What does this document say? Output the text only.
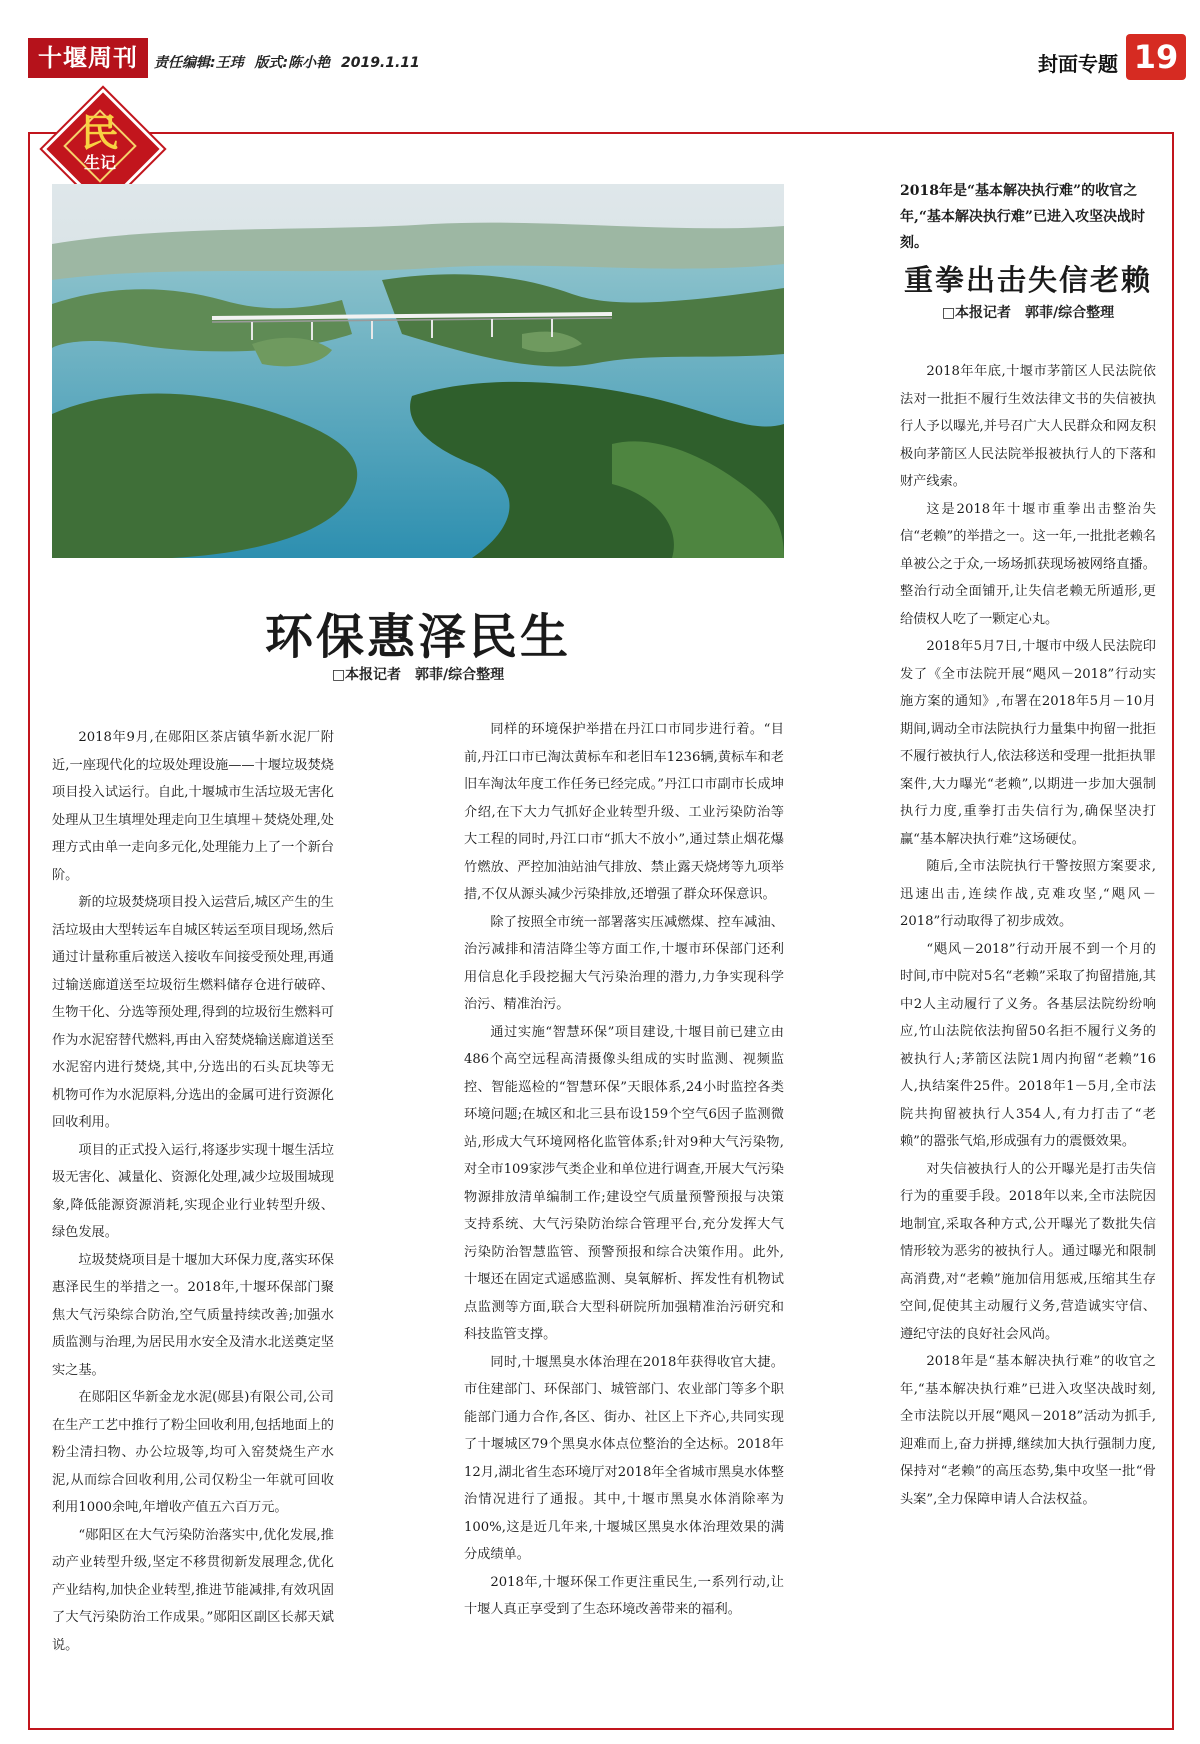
十堰周刊	责任编辑:王玮 版式:陈小艳 2019.1.11	封面专题 19
民
生记
环保惠泽民生
□本报记者　郭菲/综合整理

2018年9月,在郧阳区茶店镇华新水泥厂附近,一座现代化的垃圾处理设施——十堰垃圾焚烧项目投入试运行。自此,十堰城市生活垃圾无害化处理从卫生填埋处理走向卫生填埋＋焚烧处理,处理方式由单一走向多元化,处理能力上了一个新台阶。

新的垃圾焚烧项目投入运营后,城区产生的生活垃圾由大型转运车自城区转运至项目现场,然后通过计量称重后被送入接收车间接受预处理,再通过输送廊道送至垃圾衍生燃料储存仓进行破碎、生物干化、分选等预处理,得到的垃圾衍生燃料可作为水泥窑替代燃料,再由入窑焚烧输送廊道送至水泥窑内进行焚烧,其中,分选出的石头瓦块等无机物可作为水泥原料,分选出的金属可进行资源化回收利用。

项目的正式投入运行,将逐步实现十堰生活垃圾无害化、减量化、资源化处理,减少垃圾围城现象,降低能源资源消耗,实现企业行业转型升级、绿色发展。

垃圾焚烧项目是十堰加大环保力度,落实环保惠泽民生的举措之一。2018年,十堰环保部门聚焦大气污染综合防治,空气质量持续改善;加强水质监测与治理,为居民用水安全及清水北送奠定坚实之基。

在郧阳区华新金龙水泥(郧县)有限公司,公司在生产工艺中推行了粉尘回收利用,包括地面上的粉尘清扫物、办公垃圾等,均可入窑焚烧生产水泥,从而综合回收利用,公司仅粉尘一年就可回收利用1000余吨,年增收产值五六百万元。

“郧阳区在大气污染防治落实中,优化发展,推动产业转型升级,坚定不移贯彻新发展理念,优化产业结构,加快企业转型,推进节能减排,有效巩固了大气污染防治工作成果。”郧阳区副区长郝天斌说。

同样的环境保护举措在丹江口市同步进行着。“目前,丹江口市已淘汰黄标车和老旧车1236辆,黄标车和老旧车淘汰年度工作任务已经完成。”丹江口市副市长成坤介绍,在下大力气抓好企业转型升级、工业污染防治等大工程的同时,丹江口市“抓大不放小”,通过禁止烟花爆竹燃放、严控加油站油气排放、禁止露天烧烤等九项举措,不仅从源头减少污染排放,还增强了群众环保意识。

除了按照全市统一部署落实压减燃煤、控车减油、治污减排和清洁降尘等方面工作,十堰市环保部门还利用信息化手段挖掘大气污染治理的潜力,力争实现科学治污、精准治污。

通过实施“智慧环保”项目建设,十堰目前已建立由486个高空远程高清摄像头组成的实时监测、视频监控、智能巡检的“智慧环保”天眼体系,24小时监控各类环境问题;在城区和北三县布设159个空气6因子监测微站,形成大气环境网格化监管体系;针对9种大气污染物,对全市109家涉气类企业和单位进行调查,开展大气污染物源排放清单编制工作;建设空气质量预警预报与决策支持系统、大气污染防治综合管理平台,充分发挥大气污染防治智慧监管、预警预报和综合决策作用。此外,十堰还在固定式遥感监测、臭氧解析、挥发性有机物试点监测等方面,联合大型科研院所加强精准治污研究和科技监管支撑。

同时,十堰黑臭水体治理在2018年获得收官大捷。市住建部门、环保部门、城管部门、农业部门等多个职能部门通力合作,各区、街办、社区上下齐心,共同实现了十堰城区79个黑臭水体点位整治的全达标。2018年12月,湖北省生态环境厅对2018年全省城市黑臭水体整治情况进行了通报。其中,十堰市黑臭水体消除率为100%,这是近几年来,十堰城区黑臭水体治理效果的满分成绩单。

2018年,十堰环保工作更注重民生,一系列行动,让十堰人真正享受到了生态环境改善带来的福利。

2018年是“基本解决执行难”的收官之年,“基本解决执行难”已进入攻坚决战时刻。
重拳出击失信老赖
□本报记者　郭菲/综合整理

2018年年底,十堰市茅箭区人民法院依法对一批拒不履行生效法律文书的失信被执行人予以曝光,并号召广大人民群众和网友积极向茅箭区人民法院举报被执行人的下落和财产线索。

这是2018年十堰市重拳出击整治失信“老赖”的举措之一。这一年,一批批老赖名单被公之于众,一场场抓获现场被网络直播。整治行动全面铺开,让失信老赖无所遁形,更给债权人吃了一颗定心丸。

2018年5月7日,十堰市中级人民法院印发了《全市法院开展“飓风－2018”行动实施方案的通知》,布署在2018年5月－10月期间,调动全市法院执行力量集中拘留一批拒不履行被执行人,依法移送和受理一批拒执罪案件,大力曝光“老赖”,以期进一步加大强制执行力度,重拳打击失信行为,确保坚决打赢“基本解决执行难”这场硬仗。

随后,全市法院执行干警按照方案要求,迅速出击,连续作战,克难攻坚,“飓风－2018”行动取得了初步成效。

“飓风－2018”行动开展不到一个月的时间,市中院对5名“老赖”采取了拘留措施,其中2人主动履行了义务。各基层法院纷纷响应,竹山法院依法拘留50名拒不履行义务的被执行人;茅箭区法院1周内拘留“老赖”16人,执结案件25件。2018年1－5月,全市法院共拘留被执行人354人,有力打击了“老赖”的嚣张气焰,形成强有力的震慑效果。

对失信被执行人的公开曝光是打击失信行为的重要手段。2018年以来,全市法院因地制宜,采取各种方式,公开曝光了数批失信情形较为恶劣的被执行人。通过曝光和限制高消费,对“老赖”施加信用惩戒,压缩其生存空间,促使其主动履行义务,营造诚实守信、遵纪守法的良好社会风尚。

2018年是“基本解决执行难”的收官之年,“基本解决执行难”已进入攻坚决战时刻,全市法院以开展“飓风－2018”活动为抓手,迎难而上,奋力拼搏,继续加大执行强制力度,保持对“老赖”的高压态势,集中攻坚一批“骨头案”,全力保障申请人合法权益。
